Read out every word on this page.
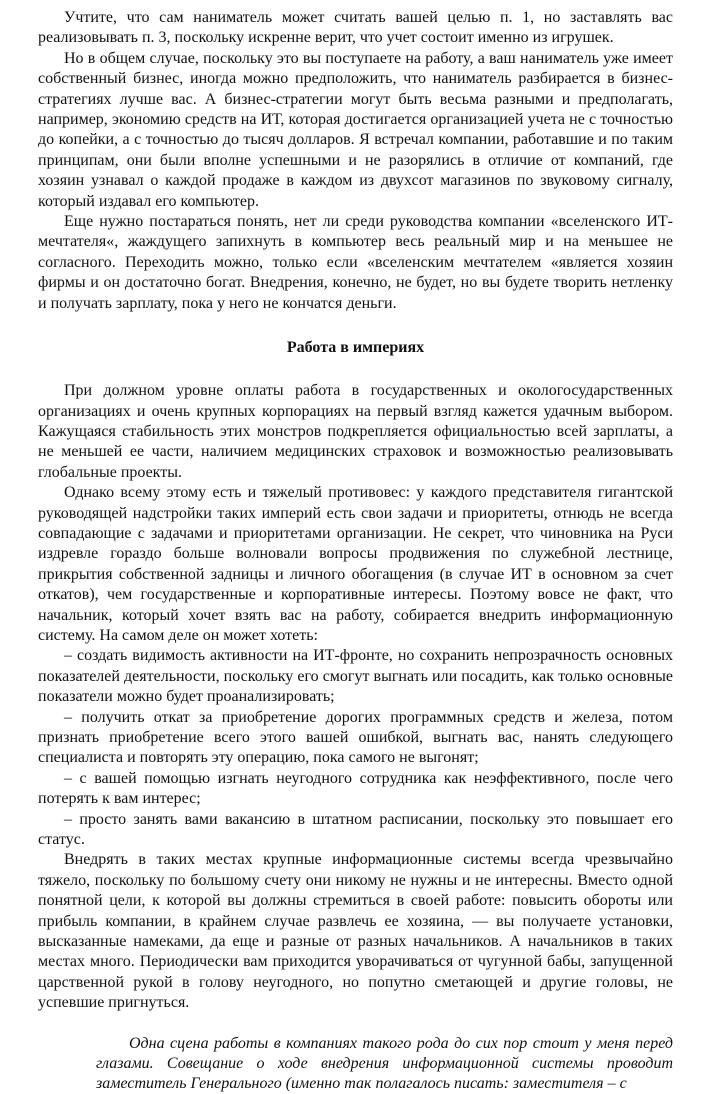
Учтите, что сам наниматель может считать вашей целью п. 1, но заставлять вас реализовывать п. 3, поскольку искренне верит, что учет состоит именно из игрушек.

Но в общем случае, поскольку это вы поступаете на работу, а ваш наниматель уже имеет собственный бизнес, иногда можно предположить, что наниматель разбирается в бизнес-стратегиях лучше вас. А бизнес-стратегии могут быть весьма разными и предполагать, например, экономию средств на ИТ, которая достигается организацией учета не с точностью до копейки, а с точностью до тысяч долларов. Я встречал компании, работавшие и по таким принципам, они были вполне успешными и не разорялись в отличие от компаний, где хозяин узнавал о каждой продаже в каждом из двухсот магазинов по звуковому сигналу, который издавал его компьютер.

Еще нужно постараться понять, нет ли среди руководства компании «вселенского ИТ-мечтателя«, жаждущего запихнуть в компьютер весь реальный мир и на меньшее не согласного. Переходить можно, только если «вселенским мечтателем «является хозяин фирмы и он достаточно богат. Внедрения, конечно, не будет, но вы будете творить нетленку и получать зарплату, пока у него не кончатся деньги.

Работа в империях

При должном уровне оплаты работа в государственных и окологосударственных организациях и очень крупных корпорациях на первый взгляд кажется удачным выбором. Кажущаяся стабильность этих монстров подкрепляется официальностью всей зарплаты, а не меньшей ее части, наличием медицинских страховок и возможностью реализовывать глобальные проекты.

Однако всему этому есть и тяжелый противовес: у каждого представителя гигантской руководящей надстройки таких империй есть свои задачи и приоритеты, отнюдь не всегда совпадающие с задачами и приоритетами организации. Не секрет, что чиновника на Руси издревле гораздо больше волновали вопросы продвижения по служебной лестнице, прикрытия собственной задницы и личного обогащения (в случае ИТ в основном за счет откатов), чем государственные и корпоративные интересы. Поэтому вовсе не факт, что начальник, который хочет взять вас на работу, собирается внедрить информационную систему. На самом деле он может хотеть:

– создать видимость активности на ИТ-фронте, но сохранить непрозрачность основных показателей деятельности, поскольку его смогут выгнать или посадить, как только основные показатели можно будет проанализировать;

– получить откат за приобретение дорогих программных средств и железа, потом признать приобретение всего этого вашей ошибкой, выгнать вас, нанять следующего специалиста и повторять эту операцию, пока самого не выгонят;

– с вашей помощью изгнать неугодного сотрудника как неэффективного, после чего потерять к вам интерес;

– просто занять вами вакансию в штатном расписании, поскольку это повышает его статус.

Внедрять в таких местах крупные информационные системы всегда чрезвычайно тяжело, поскольку по большому счету они никому не нужны и не интересны. Вместо одной понятной цели, к которой вы должны стремиться в своей работе: повысить обороты или прибыль компании, в крайнем случае развлечь ее хозяина, — вы получаете установки, высказанные намеками, да еще и разные от разных начальников. А начальников в таких местах много. Периодически вам приходится уворачиваться от чугунной бабы, запущенной царственной рукой в голову неугодного, но попутно сметающей и другие головы, не успевшие пригнуться.

Одна сцена работы в компаниях такого рода до сих пор стоит у меня перед глазами. Совещание о ходе внедрения информационной системы проводит заместитель Генерального (именно так полагалось писать: заместителя – с
